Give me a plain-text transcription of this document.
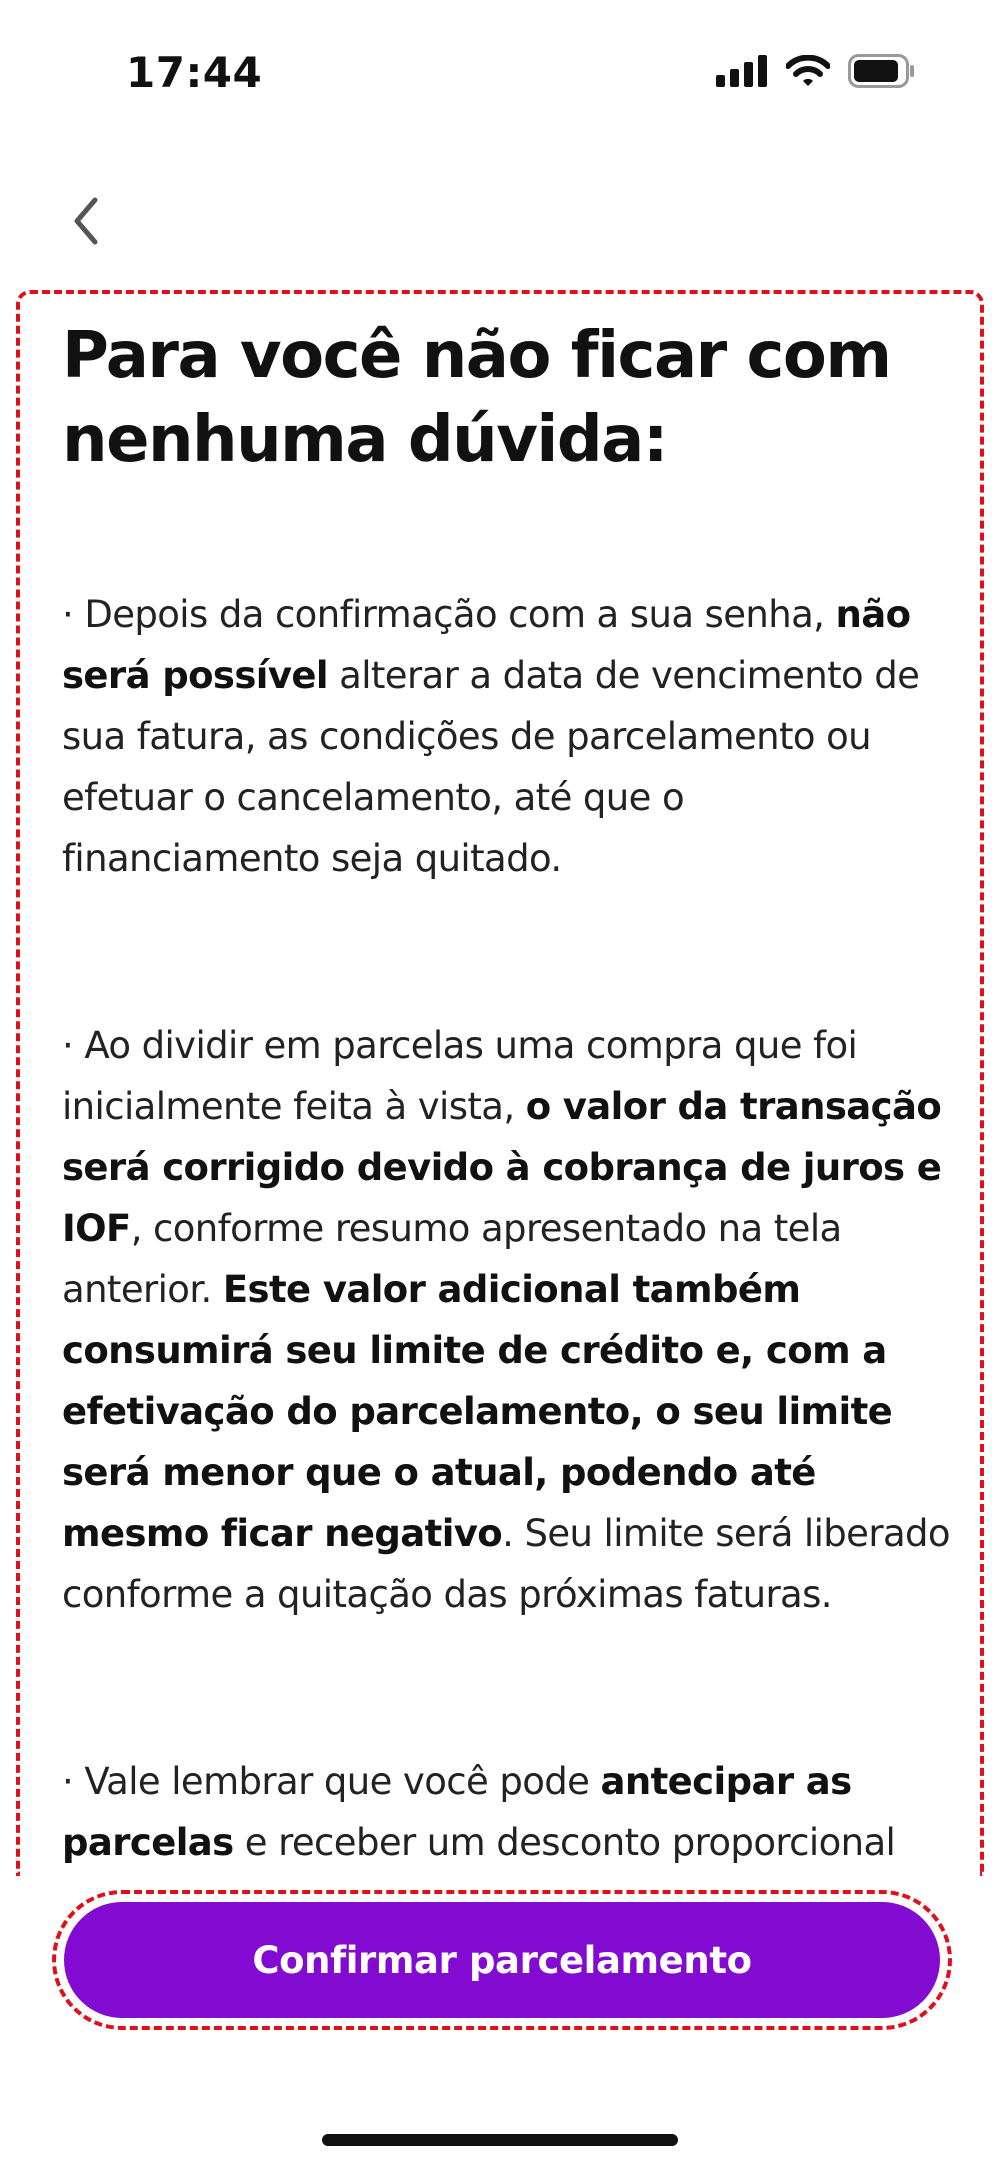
17:44
Para você não ficar com nenhuma dúvida:

· Depois da confirmação com a sua senha, não será possível alterar a data de vencimento de sua fatura, as condições de parcelamento ou efetuar o cancelamento, até que o financiamento seja quitado.

· Ao dividir em parcelas uma compra que foi inicialmente feita à vista, o valor da transação será corrigido devido à cobrança de juros e IOF, conforme resumo apresentado na tela anterior. Este valor adicional também consumirá seu limite de crédito e, com a efetivação do parcelamento, o seu limite será menor que o atual, podendo até mesmo ficar negativo. Seu limite será liberado conforme a quitação das próximas faturas.

· Vale lembrar que você pode antecipar as parcelas e receber um desconto proporcional

Confirmar parcelamento
